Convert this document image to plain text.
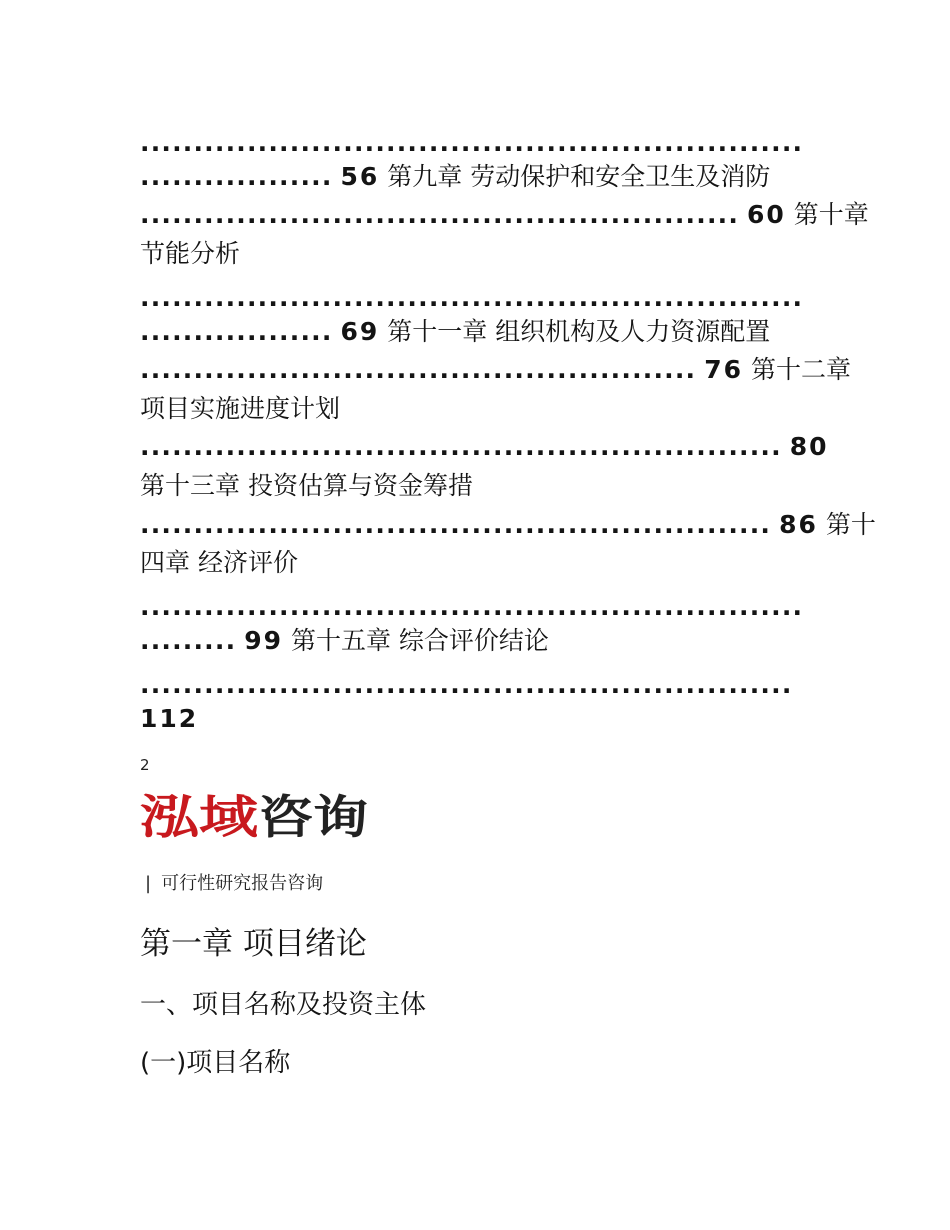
..............................................................
.................. 56 第九章 劳动保护和安全卫生及消防
........................................................ 60 第十章
节能分析
..............................................................
.................. 69 第十一章 组织机构及人力资源配置
.................................................... 76 第十二章
项目实施进度计划
............................................................ 80
第十三章 投资估算与资金筹措
........................................................... 86 第十
四章 经济评价
..............................................................
......... 99 第十五章 综合评价结论
.............................................................
112
2
泓域 咨询
| 可行性研究报告咨询
第一章 项目绪论
一、项目名称及投资主体
(一)项目名称
